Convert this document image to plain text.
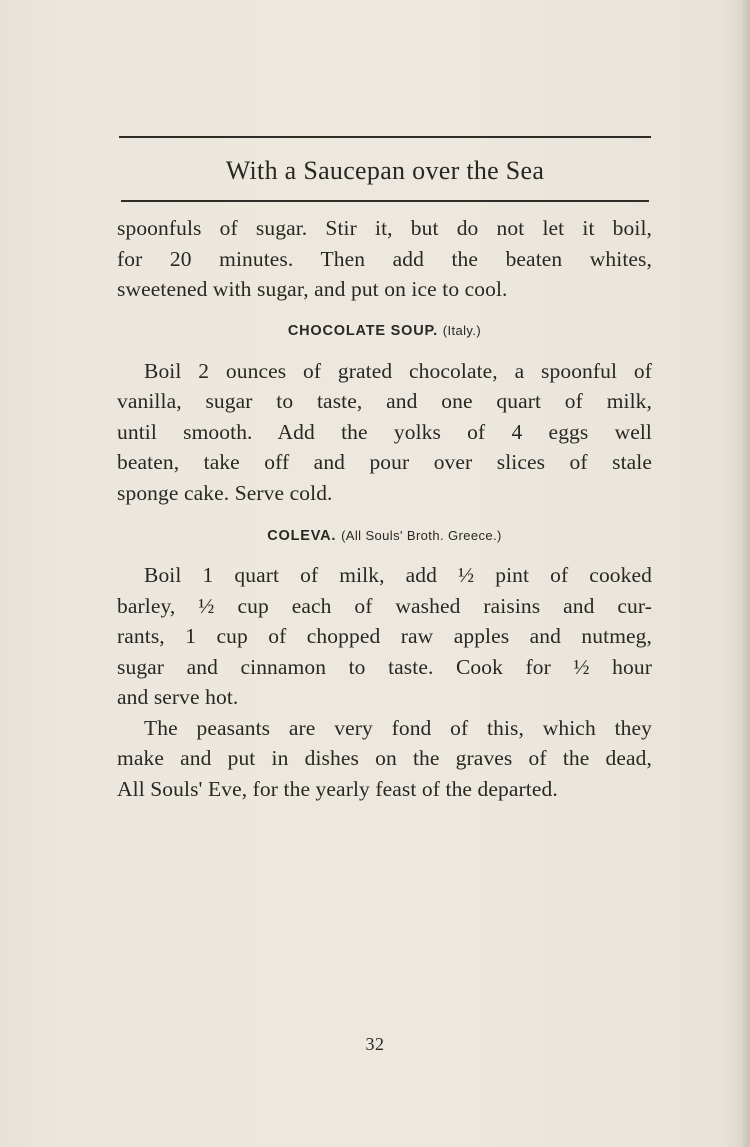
With a Saucepan over the Sea

spoonfuls of sugar. Stir it, but do not let it boil,
for 20 minutes. Then add the beaten whites,
sweetened with sugar, and put on ice to cool.

CHOCOLATE SOUP. (Italy.)

Boil 2 ounces of grated chocolate, a spoonful of
vanilla, sugar to taste, and one quart of milk,
until smooth. Add the yolks of 4 eggs well
beaten, take off and pour over slices of stale
sponge cake. Serve cold.

COLEVA. (All Souls' Broth. Greece.)

Boil 1 quart of milk, add ½ pint of cooked
barley, ½ cup each of washed raisins and cur-
rants, 1 cup of chopped raw apples and nutmeg,
sugar and cinnamon to taste. Cook for ½ hour
and serve hot.

The peasants are very fond of this, which they
make and put in dishes on the graves of the dead,
All Souls' Eve, for the yearly feast of the departed.

32
